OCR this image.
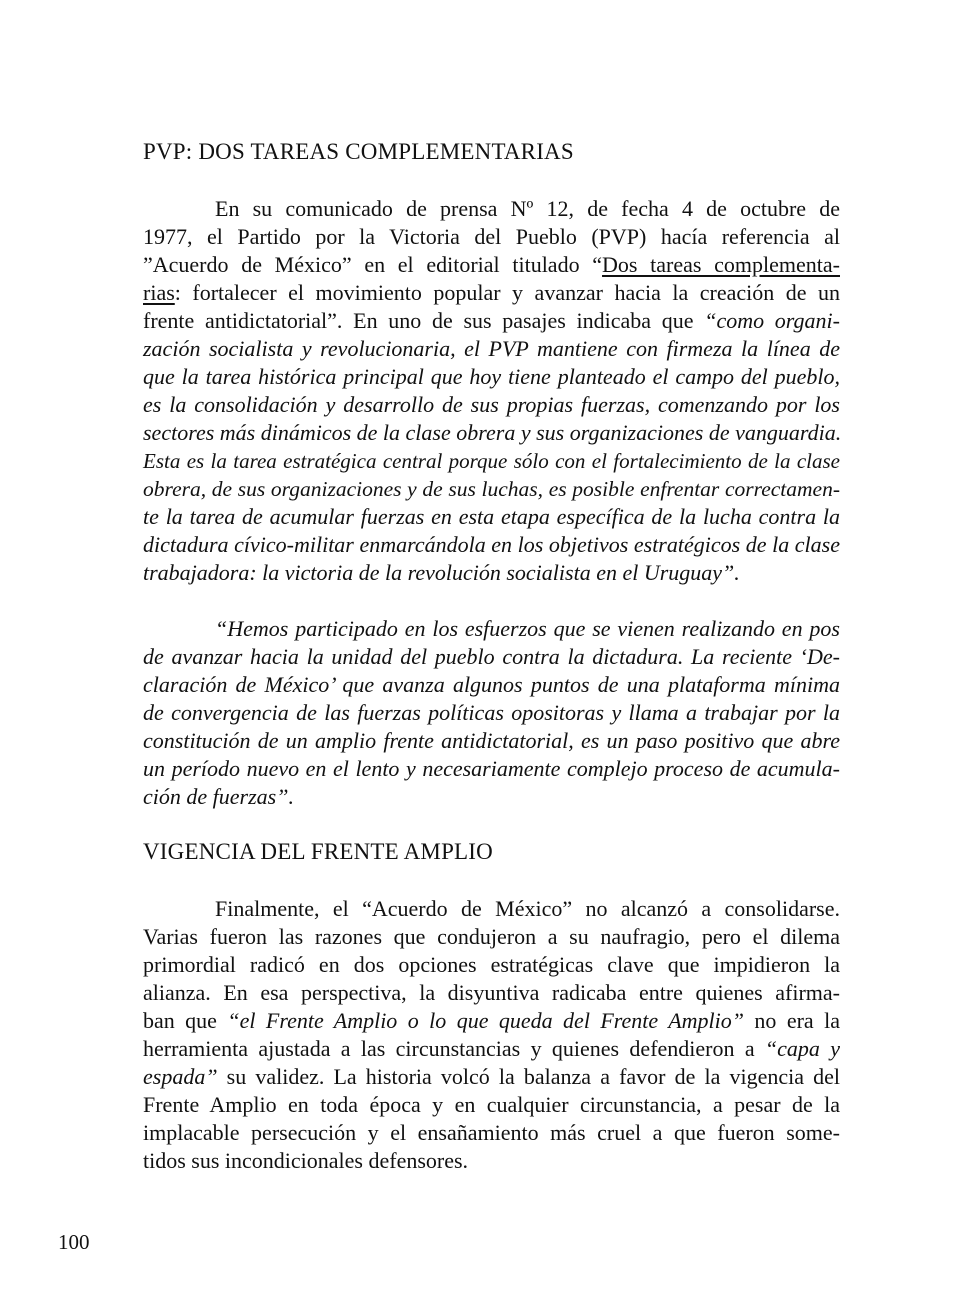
PVP: DOS TAREAS COMPLEMENTARIAS
En su comunicado de prensa Nº 12, de fecha 4 de octubre de
1977, el Partido por la Victoria del Pueblo (PVP) hacía referencia al
”Acuerdo de México” en el editorial titulado “Dos tareas complementa-
rias: fortalecer el movimiento popular y avanzar hacia la creación de un
frente antidictatorial”. En uno de sus pasajes indicaba que “como organi-
zación socialista y revolucionaria, el PVP mantiene con firmeza la línea de
que la tarea histórica principal que hoy tiene planteado el campo del pueblo,
es la consolidación y desarrollo de sus propias fuerzas, comenzando por los
sectores más dinámicos de la clase obrera y sus organizaciones de vanguardia.
Esta es la tarea estratégica central porque sólo con el fortalecimiento de la clase
obrera, de sus organizaciones y de sus luchas, es posible enfrentar correctamen-
te la tarea de acumular fuerzas en esta etapa específica de la lucha contra la
dictadura cívico-militar enmarcándola en los objetivos estratégicos de la clase
trabajadora: la victoria de la revolución socialista en el Uruguay”.
“Hemos participado en los esfuerzos que se vienen realizando en pos
de avanzar hacia la unidad del pueblo contra la dictadura. La reciente ‘De-
claración de México’ que avanza algunos puntos de una plataforma mínima
de convergencia de las fuerzas políticas opositoras y llama a trabajar por la
constitución de un amplio frente antidictatorial, es un paso positivo que abre
un período nuevo en el lento y necesariamente complejo proceso de acumula-
ción de fuerzas”.
VIGENCIA DEL FRENTE AMPLIO
Finalmente, el “Acuerdo de México” no alcanzó a consolidarse.
Varias fueron las razones que condujeron a su naufragio, pero el dilema
primordial radicó en dos opciones estratégicas clave que impidieron la
alianza. En esa perspectiva, la disyuntiva radicaba entre quienes afirma-
ban que “el Frente Amplio o lo que queda del Frente Amplio” no era la
herramienta ajustada a las circunstancias y quienes defendieron a “capa y
espada” su validez. La historia volcó la balanza a favor de la vigencia del
Frente Amplio en toda época y en cualquier circunstancia, a pesar de la
implacable persecución y el ensañamiento más cruel a que fueron some-
tidos sus incondicionales defensores.
100
